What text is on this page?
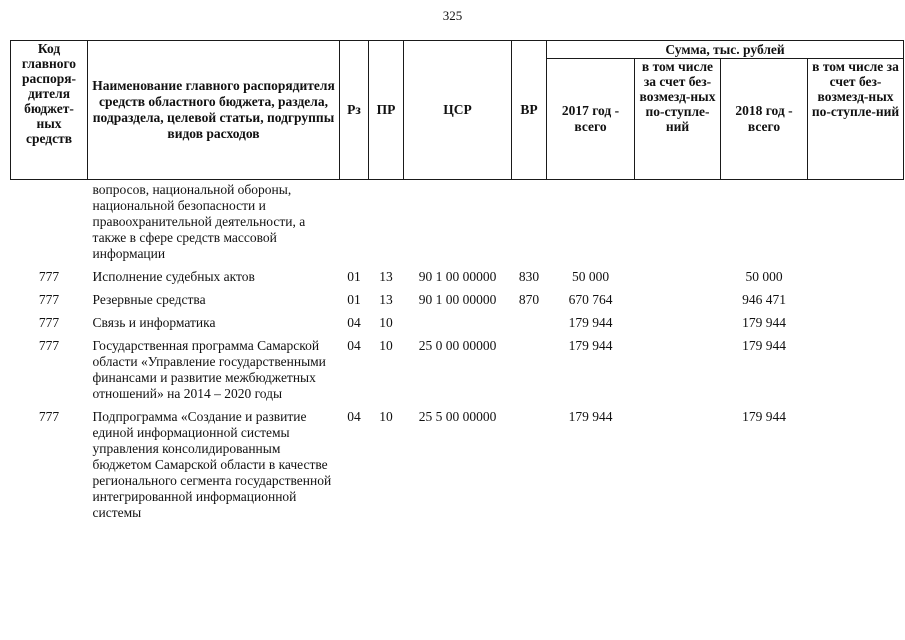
325
Код главного распоря-дителя бюджет-ных средств	Наименование главного распорядителя средств областного бюджета, раздела, подраздела, целевой статьи, подгруппы видов расходов	Рз	ПР	ЦСР	ВР	Сумма, тыс. рублей			
						2017 год - всего	в том числе за счет без-возмезд-ных по-ступле-ний	2018 год - всего	в том числе за счет без-возмезд-ных по-ступле-ний
	вопросов, национальной обороны, национальной безопасности и правоохранительной деятельности, а также в сфере средств массовой информации								
777	Исполнение судебных актов	01	13	90 1 00 00000	830	50 000		50 000	
777	Резервные средства	01	13	90 1 00 00000	870	670 764		946 471	
777	Связь и информатика	04	10			179 944		179 944	
777	Государственная программа Самарской области «Управление государственными финансами и развитие межбюджетных отношений» на 2014 – 2020 годы	04	10	25 0 00 00000		179 944		179 944	
777	Подпрограмма «Создание и развитие единой информационной системы управления консолидированным бюджетом Самарской области в качестве регионального сегмента государственной интегрированной информационной системы	04	10	25 5 00 00000		179 944		179 944	
